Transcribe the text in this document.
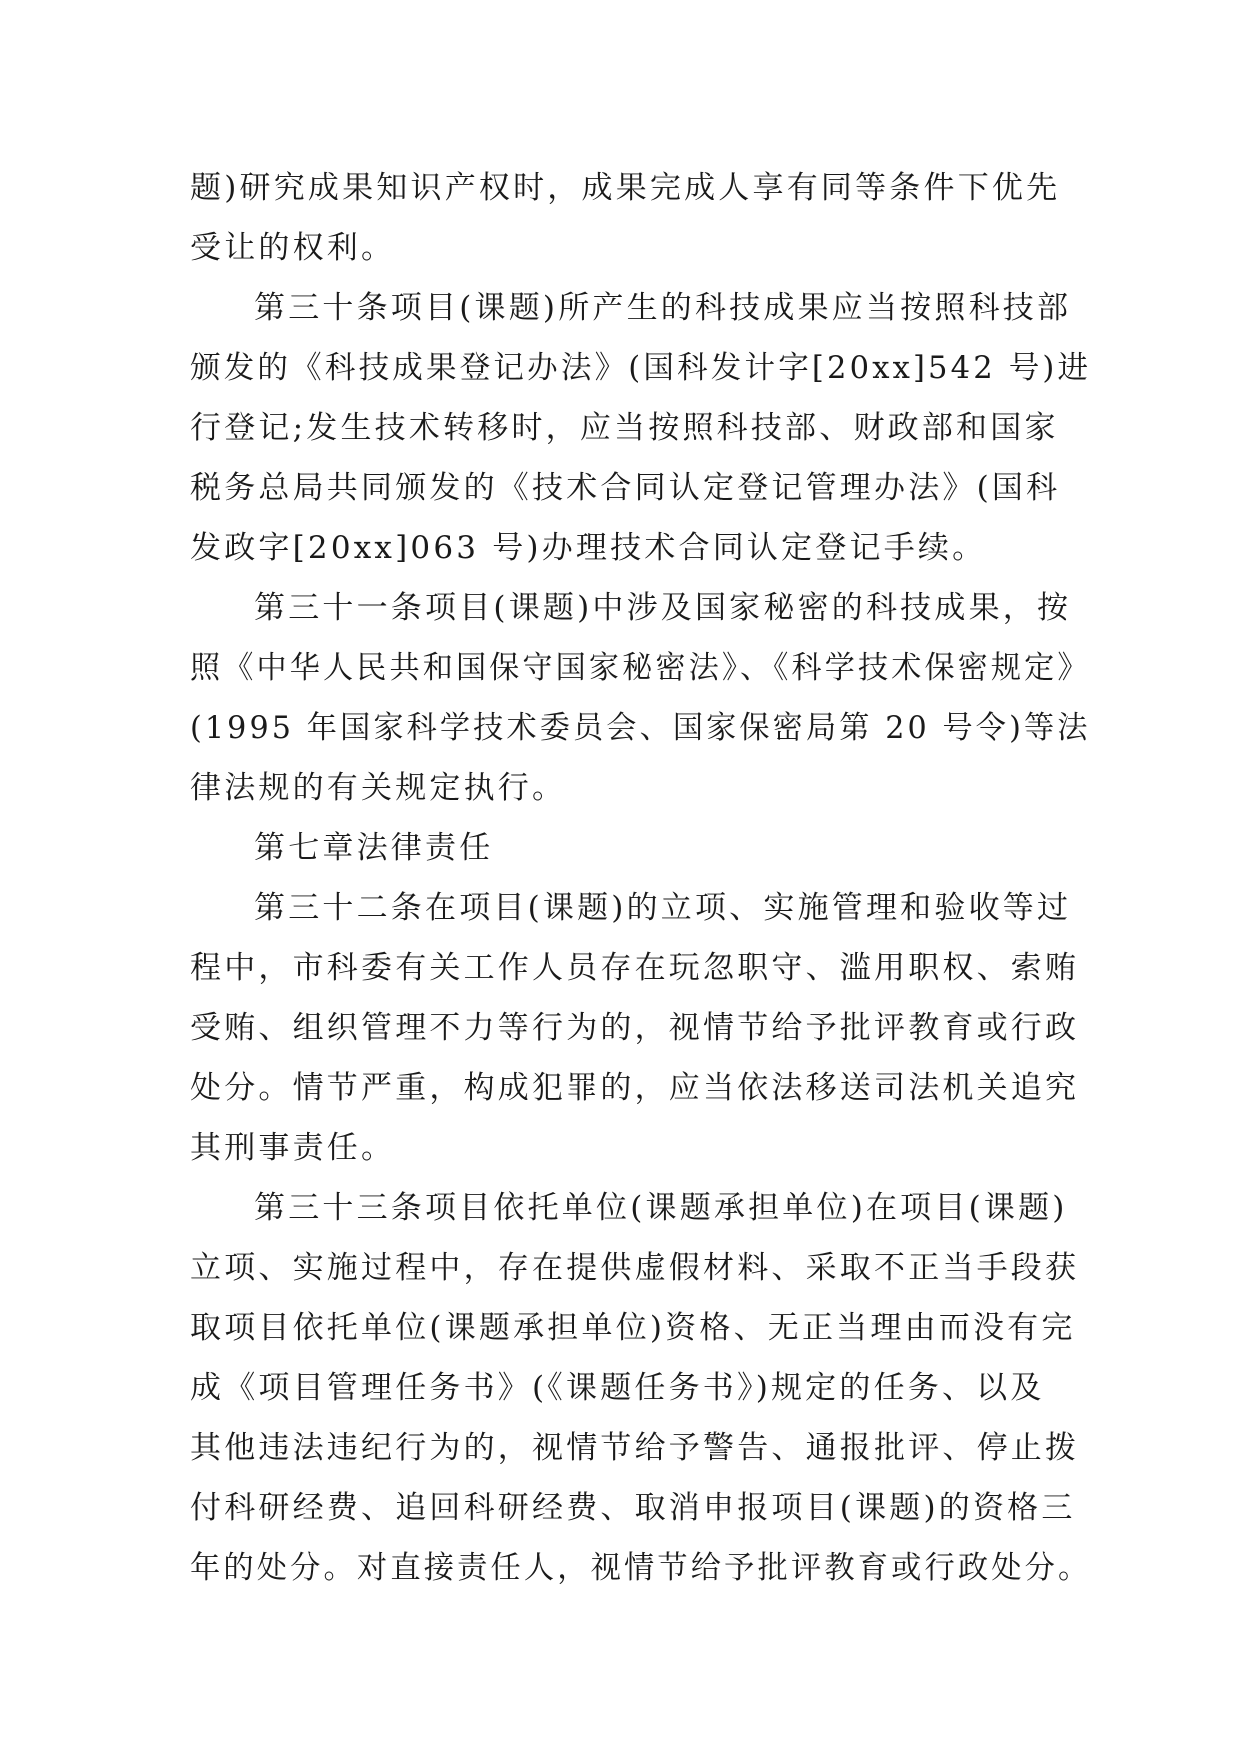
题)研究成果知识产权时，成果完成人享有同等条件下优先
受让的权利。
第三十条项目(课题)所产生的科技成果应当按照科技部
颁发的《科技成果登记办法》(国科发计字[20xx]542 号)进
行登记;发生技术转移时，应当按照科技部、财政部和国家
税务总局共同颁发的《技术合同认定登记管理办法》(国科
发政字[20xx]063 号)办理技术合同认定登记手续。
第三十一条项目(课题)中涉及国家秘密的科技成果，按
照《中华人民共和国保守国家秘密法》、《科学技术保密规定》
(1995 年国家科学技术委员会、国家保密局第 20 号令)等法
律法规的有关规定执行。
第七章法律责任
第三十二条在项目(课题)的立项、实施管理和验收等过
程中，市科委有关工作人员存在玩忽职守、滥用职权、索贿
受贿、组织管理不力等行为的，视情节给予批评教育或行政
处分。情节严重，构成犯罪的，应当依法移送司法机关追究
其刑事责任。
第三十三条项目依托单位(课题承担单位)在项目(课题)
立项、实施过程中，存在提供虚假材料、采取不正当手段获
取项目依托单位(课题承担单位)资格、无正当理由而没有完
成《项目管理任务书》(《课题任务书》)规定的任务、以及
其他违法违纪行为的，视情节给予警告、通报批评、停止拨
付科研经费、追回科研经费、取消申报项目(课题)的资格三
年的处分。对直接责任人，视情节给予批评教育或行政处分。
